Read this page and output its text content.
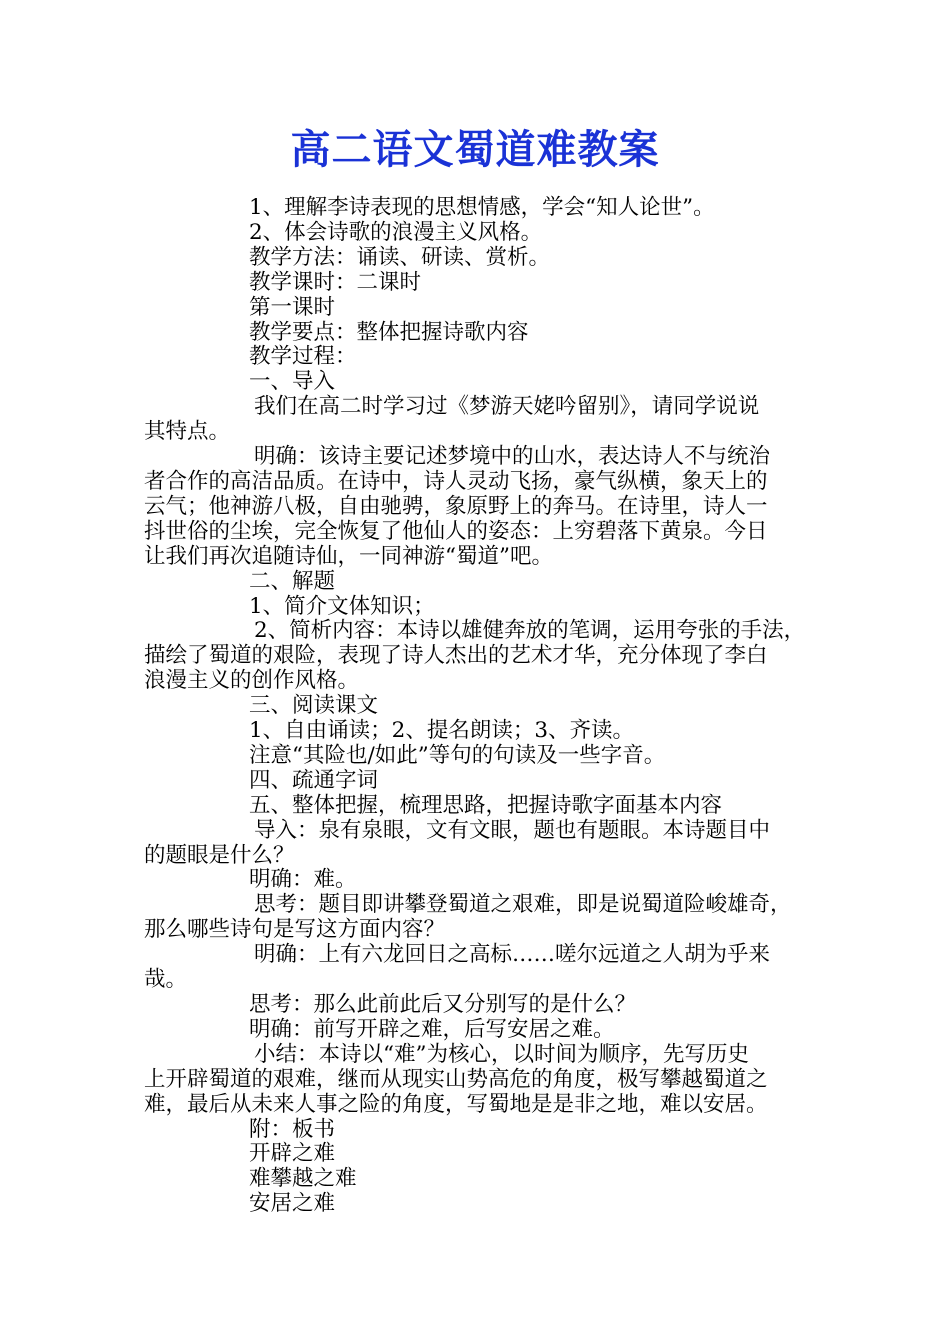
高二语文蜀道难教案
1、理解李诗表现的思想情感，学会“知人论世”。
2、体会诗歌的浪漫主义风格。
教学方法：诵读、研读、赏析。
教学课时：二课时
第一课时
教学要点：整体把握诗歌内容
教学过程：
一、导入
我们在高二时学习过《梦游天姥吟留别》，请同学说说
其特点。
明确：该诗主要记述梦境中的山水，表达诗人不与统治
者合作的高洁品质。在诗中，诗人灵动飞扬，豪气纵横，象天上的
云气；他神游八极，自由驰骋，象原野上的奔马。在诗里，诗人一
抖世俗的尘埃，完全恢复了他仙人的姿态：上穷碧落下黄泉。今日
让我们再次追随诗仙，一同神游“蜀道”吧。
二、解题
1、简介文体知识；
2、简析内容：本诗以雄健奔放的笔调，运用夸张的手法，
描绘了蜀道的艰险，表现了诗人杰出的艺术才华，充分体现了李白
浪漫主义的创作风格。
三、阅读课文
1、自由诵读；2、提名朗读；3、齐读。
注意“其险也/如此”等句的句读及一些字音。
四、疏通字词
五、整体把握，梳理思路，把握诗歌字面基本内容
导入：泉有泉眼，文有文眼，题也有题眼。本诗题目中
的题眼是什么？
明确：难。
思考：题目即讲攀登蜀道之艰难，即是说蜀道险峻雄奇，
那么哪些诗句是写这方面内容？
明确：上有六龙回日之高标……嗟尔远道之人胡为乎来
哉。
思考：那么此前此后又分别写的是什么？
明确：前写开辟之难，后写安居之难。
小结：本诗以“难”为核心，以时间为顺序，先写历史
上开辟蜀道的艰难，继而从现实山势高危的角度，极写攀越蜀道之
难，最后从未来人事之险的角度，写蜀地是是非之地，难以安居。
附：板书
开辟之难
难攀越之难
安居之难
